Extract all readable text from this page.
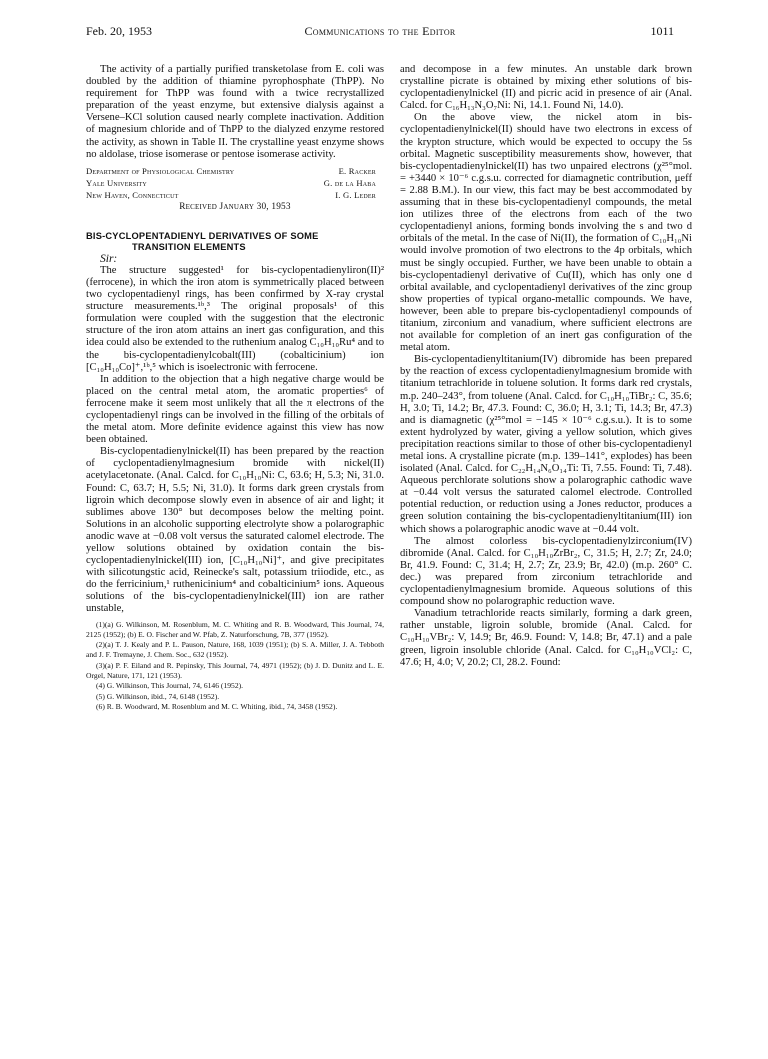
Feb. 20, 1953	Communications to the Editor	1011

The activity of a partially purified transketolase from E. coli was doubled by the addition of thiamine pyrophosphate (ThPP). No requirement for ThPP was found with a twice recrystallized preparation of the yeast enzyme, but extensive dialysis against a Versene–KCl solution caused nearly complete inactivation. Addition of magnesium chloride and of ThPP to the dialyzed enzyme restored the activity, as shown in Table II. The crystalline yeast enzyme shows no aldolase, triose isomerase or pentose isomerase activity.

Department of Physiological Chemistry	E. Racker
Yale University	G. de la Haba
New Haven, Connecticut	I. G. Leder
Received January 30, 1953
BIS-CYCLOPENTADIENYL DERIVATIVES OF SOME
TRANSITION ELEMENTS

Sir:

The structure suggested¹ for bis-cyclopentadienyliron(II)² (ferrocene), in which the iron atom is symmetrically placed between two cyclopentadienyl rings, has been confirmed by X-ray crystal structure measurements.¹ᵇ,³ The original proposals¹ of this formulation were coupled with the suggestion that the electronic structure of the iron atom attains an inert gas configuration, and this idea could also be extended to the ruthenium analog C₁₀H₁₀Ru⁴ and to the bis-cyclopentadienylcobalt(III) (cobalticinium) ion [C₁₀H₁₀Co]⁺,¹ᵇ,⁵ which is isoelectronic with ferrocene.

In addition to the objection that a high negative charge would be placed on the central metal atom, the aromatic properties⁶ of ferrocene make it seem most unlikely that all the π electrons of the cyclopentadienyl rings can be involved in the filling of the orbitals of the metal atom. More definite evidence against this view has now been obtained.

Bis-cyclopentadienylnickel(II) has been prepared by the reaction of cyclopentadienylmagnesium bromide with nickel(II) acetylacetonate. (Anal. Calcd. for C₁₀H₁₀Ni: C, 63.6; H, 5.3; Ni, 31.0. Found: C, 63.7; H, 5.5; Ni, 31.0). It forms dark green crystals from ligroin which decompose slowly even in absence of air and light; it sublimes above 130° but decomposes below the melting point. Solutions in an alcoholic supporting electrolyte show a polarographic anodic wave at −0.08 volt versus the saturated calomel electrode. The yellow solutions obtained by oxidation contain the bis-cyclopentadienylnickel(III) ion, [C₁₀H₁₀Ni]⁺, and give precipitates with silicotungstic acid, Reinecke's salt, potassium triiodide, etc., as do the ferricinium,¹ ruthenicinium⁴ and cobalticinium⁵ ions. Aqueous solutions of the bis-cyclopentadienylnickel(III) ion are rather unstable,

(1)(a) G. Wilkinson, M. Rosenblum, M. C. Whiting and R. B. Woodward, This Journal, 74, 2125 (1952); (b) E. O. Fischer and W. Pfab, Z. Naturforschung, 7B, 377 (1952).
(2)(a) T. J. Kealy and P. L. Pauson, Nature, 168, 1039 (1951); (b) S. A. Miller, J. A. Tebboth and J. F. Tremayne, J. Chem. Soc., 632 (1952).
(3)(a) P. F. Eiland and R. Pepinsky, This Journal, 74, 4971 (1952); (b) J. D. Dunitz and L. E. Orgel, Nature, 171, 121 (1953).
(4) G. Wilkinson, This Journal, 74, 6146 (1952).
(5) G. Wilkinson, ibid., 74, 6148 (1952).
(6) R. B. Woodward, M. Rosenblum and M. C. Whiting, ibid., 74, 3458 (1952).

and decompose in a few minutes. An unstable dark brown crystalline picrate is obtained by mixing ether solutions of bis-cyclopentadienylnickel (II) and picric acid in presence of air (Anal. Calcd. for C₁₆H₁₃N₃O₇Ni: Ni, 14.1. Found Ni, 14.0).

On the above view, the nickel atom in bis-cyclopentadienylnickel(II) should have two electrons in excess of the krypton structure, which would be expected to occupy the 5s orbital. Magnetic susceptibility measurements show, however, that bis-cyclopentadienylnickel(II) has two unpaired electrons (χ²⁵°mol. = +3440 × 10⁻⁶ c.g.s.u. corrected for diamagnetic contribution, μeff = 2.88 B.M.). In our view, this fact may be best accommodated by assuming that in these bis-cyclopentadienyl compounds, the metal ion utilizes three of the electrons from each of the two cyclopentadienyl anions, forming bonds involving the s and two d orbitals of the metal. In the case of Ni(II), the formation of C₁₀H₁₀Ni would involve promotion of two electrons to the 4p orbitals, which must be singly occupied. Further, we have been unable to obtain a bis-cyclopentadienyl derivative of Cu(II), which has only one d orbital available, and cyclopentadienyl derivatives of the zinc group show properties of typical organo-metallic compounds. We have, however, been able to prepare bis-cyclopentadienyl compounds of titanium, zirconium and vanadium, where sufficient electrons are not available for completion of an inert gas configuration of the metal atom.

Bis-cyclopentadienyltitanium(IV) dibromide has been prepared by the reaction of excess cyclopentadienylmagnesium bromide with titanium tetrachloride in toluene solution. It forms dark red crystals, m.p. 240–243°, from toluene (Anal. Calcd. for C₁₀H₁₀TiBr₂: C, 35.6; H, 3.0; Ti, 14.2; Br, 47.3. Found: C, 36.0; H, 3.1; Ti, 14.3; Br, 47.3) and is diamagnetic (χ²⁵°mol = −145 × 10⁻⁶ c.g.s.u.). It is to some extent hydrolyzed by water, giving a yellow solution, which gives precipitation reactions similar to those of other bis-cyclopentadienyl metal ions. A crystalline picrate (m.p. 139–141°, explodes) has been isolated (Anal. Calcd. for C₂₂H₁₄N₆O₁₄Ti: Ti, 7.55. Found: Ti, 7.48). Aqueous perchlorate solutions show a polarographic cathodic wave at −0.44 volt versus the saturated calomel electrode. Controlled potential reduction, or reduction using a Jones reductor, produces a green solution containing the bis-cyclopentadienyltitanium(III) ion which shows a polarographic anodic wave at −0.44 volt.

The almost colorless bis-cyclopentadienylzirconium(IV) dibromide (Anal. Calcd. for C₁₀H₁₀ZrBr₂, C, 31.5; H, 2.7; Zr, 24.0; Br, 41.9. Found: C, 31.4; H, 2.7; Zr, 23.9; Br, 42.0) (m.p. 260° C. dec.) was prepared from zirconium tetrachloride and cyclopentadienylmagnesium bromide. Aqueous solutions of this compound show no polarographic reduction wave.

Vanadium tetrachloride reacts similarly, forming a dark green, rather unstable, ligroin soluble, bromide (Anal. Calcd. for C₁₀H₁₀VBr₂: V, 14.9; Br, 46.9. Found: V, 14.8; Br, 47.1) and a pale green, ligroin insoluble chloride (Anal. Calcd. for C₁₀H₁₀VCl₂: C, 47.6; H, 4.0; V, 20.2; Cl, 28.2. Found:
